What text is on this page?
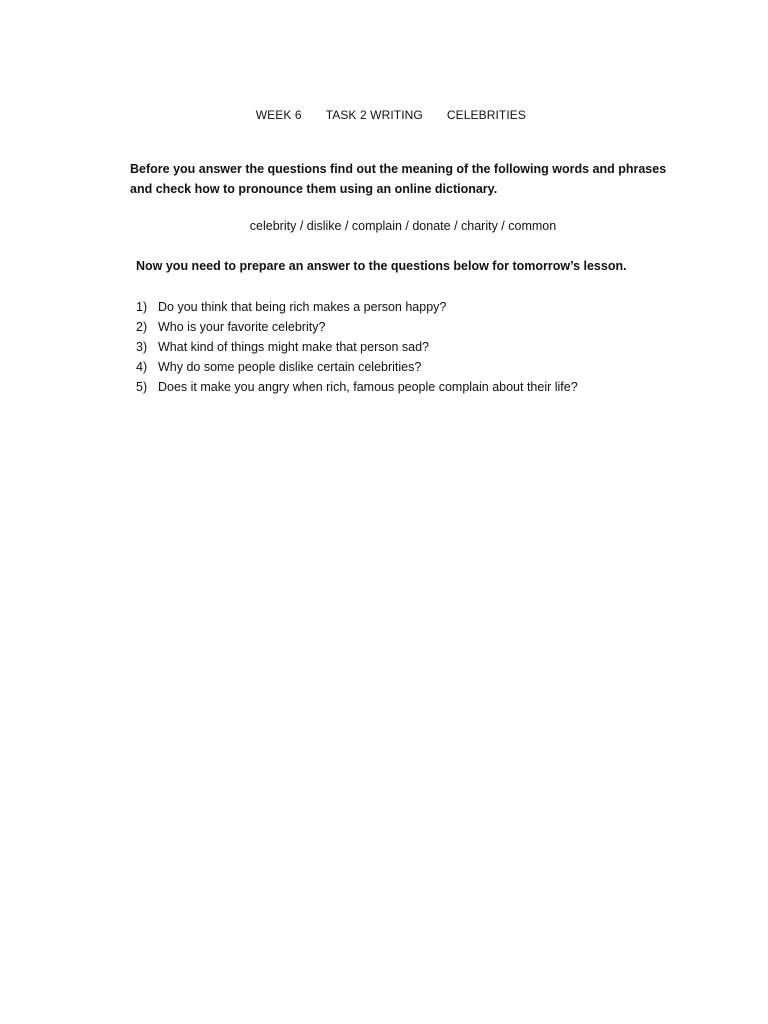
WEEK 6 TASK 2 WRITING CELEBRITIES

Before you answer the questions find out the meaning of the following words and phrases and check how to pronounce them using an online dictionary.
celebrity / dislike / complain / donate / charity / common
Now you need to prepare an answer to the questions below for tomorrow’s lesson.
1) Do you think that being rich makes a person happy?
2) Who is your favorite celebrity?
3) What kind of things might make that person sad?
4) Why do some people dislike certain celebrities?
5) Does it make you angry when rich, famous people complain about their life?
